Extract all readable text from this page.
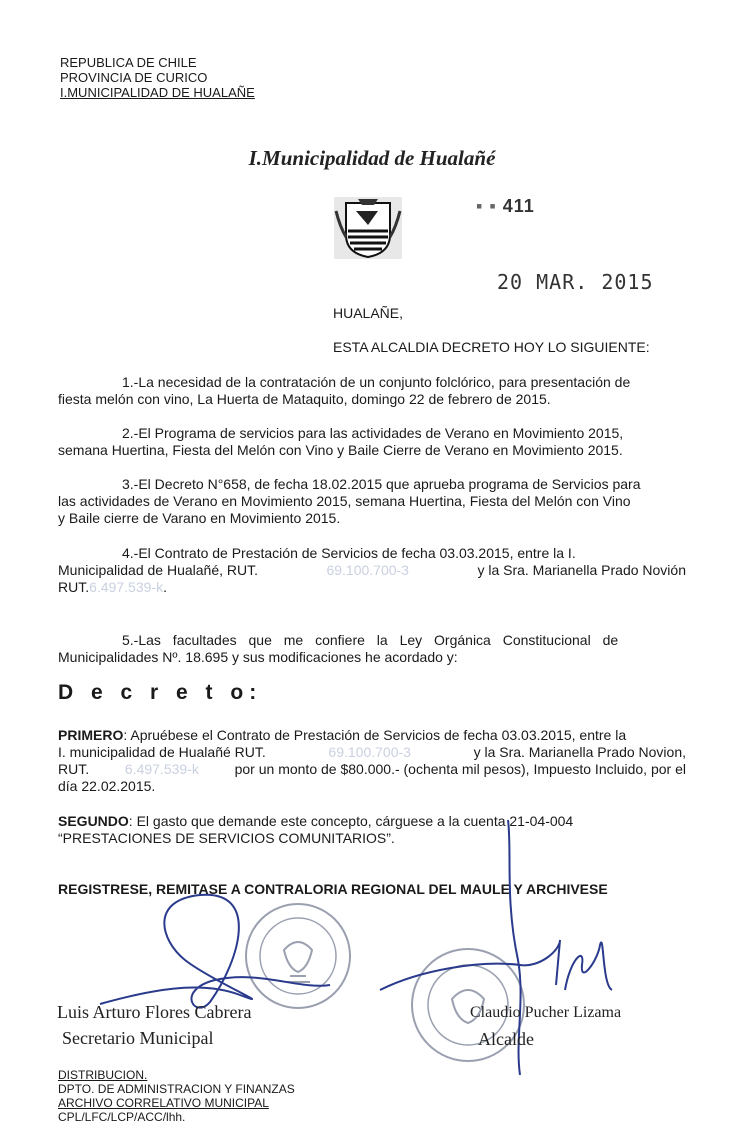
REPUBLICA DE CHILE
PROVINCIA DE CURICO
I.MUNICIPALIDAD DE HUALAÑE
I.Municipalidad de Hualañé
▪ ▪ 411
20 MAR. 2015
HUALAÑE,
ESTA ALCALDIA DECRETO HOY LO SIGUIENTE:
1.-La necesidad de la contratación de un conjunto folclórico, para presentación de
fiesta melón con vino, La Huerta de Mataquito, domingo 22 de febrero de 2015.
2.-El Programa de servicios para las actividades de Verano en Movimiento 2015,
semana Huertina, Fiesta del Melón con Vino y Baile Cierre de Verano en Movimiento 2015.
3.-El Decreto N°658, de fecha 18.02.2015 que aprueba programa de Servicios para
las actividades de Verano en Movimiento 2015, semana Huertina, Fiesta del Melón con Vino
y Baile cierre de Varano en Movimiento 2015.
4.-El Contrato de Prestación de Servicios de fecha 03.03.2015, entre la I.
Municipalidad de Hualañé, RUT.	69.100.700-3	y la Sra. Marianella Prado Novión
RUT.6.497.539-k.
5.-Las facultades que me confiere la Ley Orgánica Constitucional de
Municipalidades Nº. 18.695 y sus modificaciones he acordado y:
D e c r e t o:
PRIMERO: Apruébese el Contrato de Prestación de Servicios de fecha 03.03.2015, entre la
I. municipalidad de Hualañé RUT.	69.100.700-3	y la Sra. Marianella Prado Novion,
RUT.	6.497.539-k	por un monto de $80.000.- (ochenta mil pesos), Impuesto Incluido, por el
día 22.02.2015.
SEGUNDO: El gasto que demande este concepto, cárguese a la cuenta 21-04-004
“PRESTACIONES DE SERVICIOS COMUNITARIOS”.
REGISTRESE, REMITASE A CONTRALORIA REGIONAL DEL MAULE Y ARCHIVESE
Luis Arturo Flores Cabrera
Secretario Municipal
Claudio Pucher Lizama
Alcalde
DISTRIBUCION.
DPTO. DE ADMINISTRACION Y FINANZAS
ARCHIVO CORRELATIVO MUNICIPAL
CPL/LFC/LCP/ACC/lhh.
